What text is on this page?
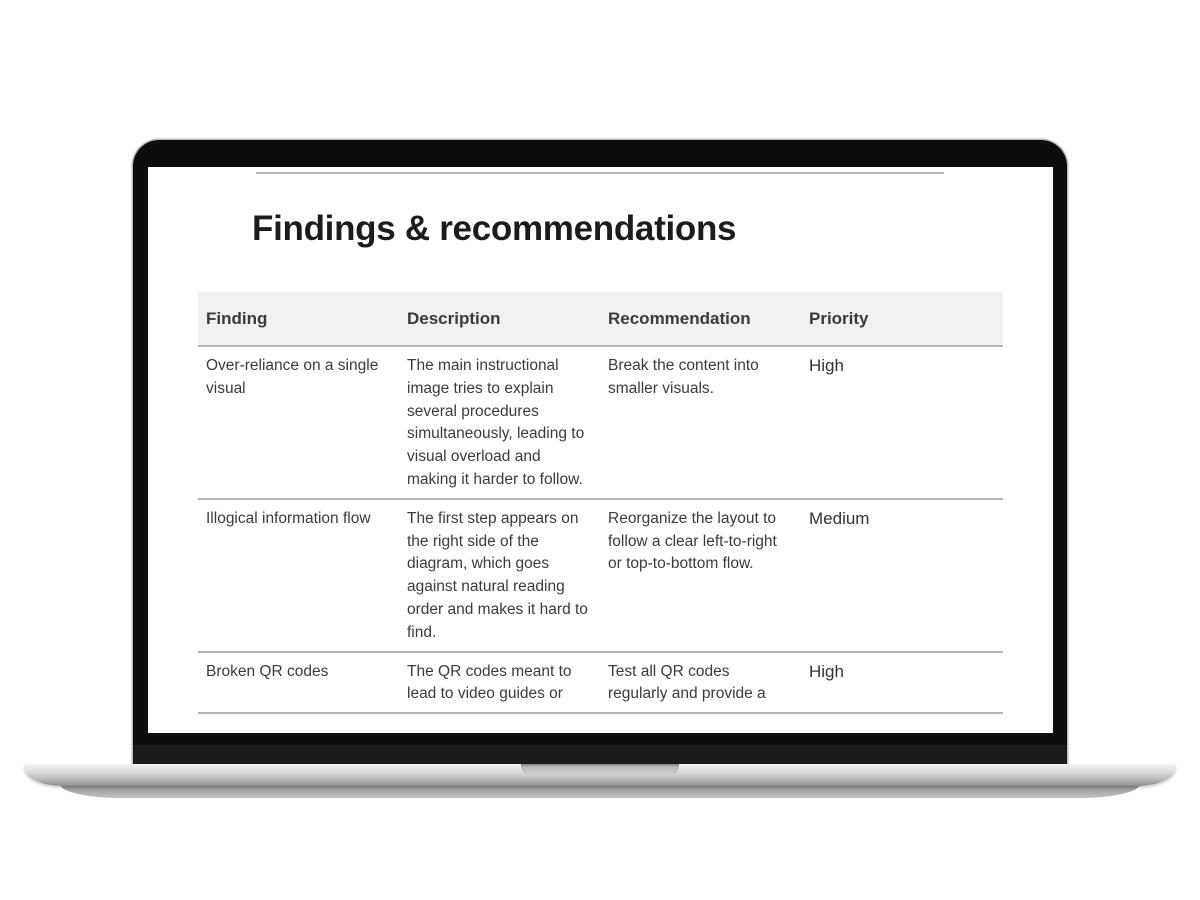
Findings & recommendations
Finding	Description	Recommendation	Priority
Over-reliance on a single visual	The main instructional image tries to explain several procedures simultaneously, leading to visual overload and making it harder to follow.	Break the content into smaller visuals.	High
Illogical information flow	The first step appears on the right side of the diagram, which goes against natural reading order and makes it hard to find.	Reorganize the layout to follow a clear left-to-right or top-to-bottom flow.	Medium
Broken QR codes	The QR codes meant to lead to video guides or	Test all QR codes regularly and provide a	High
